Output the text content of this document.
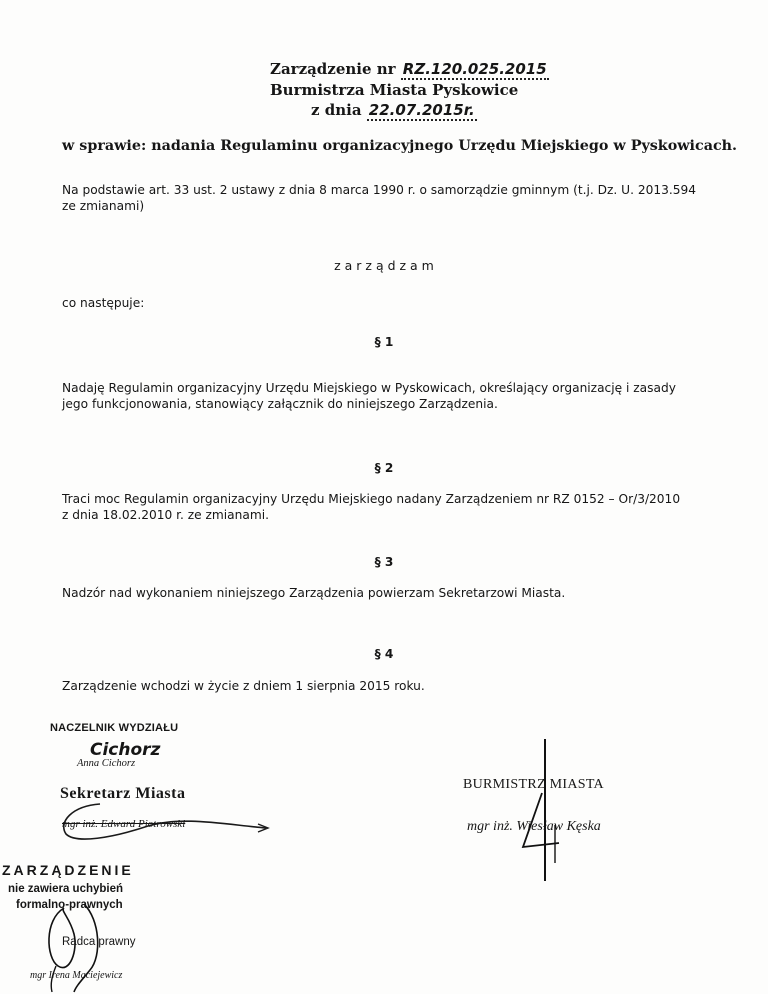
Zarządzenie nr RZ.120.025.2015
Burmistrza Miasta Pyskowice
z dnia 22.07.2015r.
w sprawie: nadania Regulaminu organizacyjnego Urzędu Miejskiego w Pyskowicach.
Na podstawie art. 33 ust. 2 ustawy z dnia 8 marca 1990 r. o samorządzie gminnym (t.j. Dz. U. 2013.594
ze zmianami)
z a r z ą d z a m
co następuje:
§ 1
Nadaję Regulamin organizacyjny Urzędu Miejskiego w Pyskowicach, określający organizację i zasady
jego funkcjonowania, stanowiący załącznik do niniejszego Zarządzenia.
§ 2
Traci moc Regulamin organizacyjny Urzędu Miejskiego nadany Zarządzeniem nr RZ 0152 – Or/3/2010
z dnia 18.02.2010 r. ze zmianami.
§ 3
Nadzór nad wykonaniem niniejszego Zarządzenia powierzam Sekretarzowi Miasta.
§ 4
Zarządzenie wchodzi w życie z dniem 1 sierpnia 2015 roku.
NACZELNIK WYDZIAŁU
Cichorz
Anna Cichorz
Sekretarz Miasta
mgr inż. Edward Piotrowski
BURMISTRZ MIASTA
mgr inż. Wiesław Kęska
ZARZĄDZENIE
nie zawiera uchybień
formalno-prawnych
Radca prawny
mgr Irena Maciejewicz
